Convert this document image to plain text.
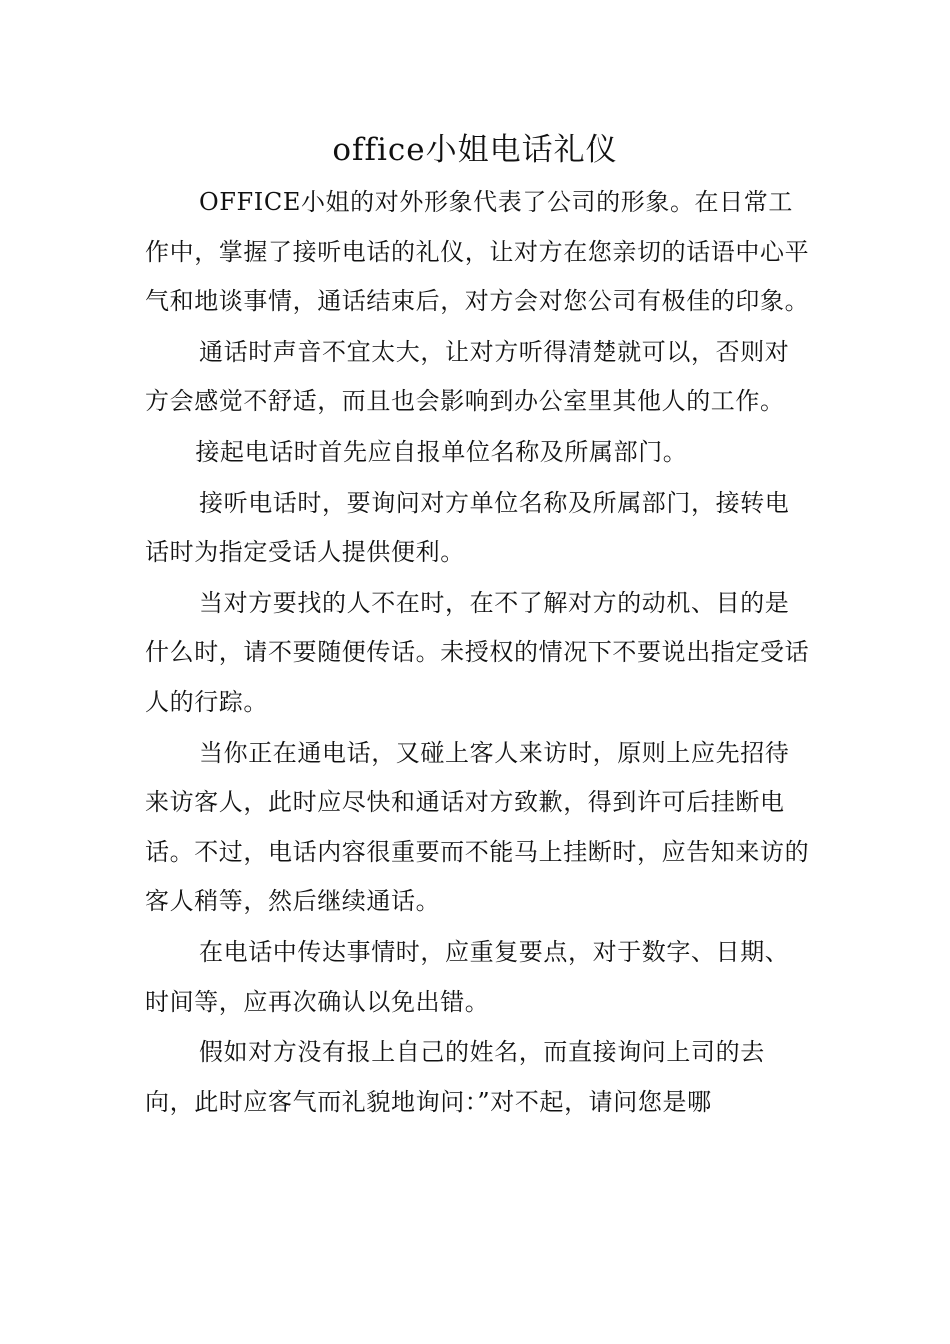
office小姐电话礼仪

OFFICE小姐的对外形象代表了公司的形象。在日常工作中，掌握了接听电话的礼仪，让对方在您亲切的话语中心平气和地谈事情，通话结束后，对方会对您公司有极佳的印象。

通话时声音不宜太大，让对方听得清楚就可以，否则对方会感觉不舒适，而且也会影响到办公室里其他人的工作。

接起电话时首先应自报单位名称及所属部门。

接听电话时，要询问对方单位名称及所属部门，接转电话时为指定受话人提供便利。

当对方要找的人不在时，在不了解对方的动机、目的是什么时，请不要随便传话。未授权的情况下不要说出指定受话人的行踪。

当你正在通电话，又碰上客人来访时，原则上应先招待来访客人，此时应尽快和通话对方致歉，得到许可后挂断电话。不过，电话内容很重要而不能马上挂断时，应告知来访的客人稍等，然后继续通话。

在电话中传达事情时，应重复要点，对于数字、日期、时间等，应再次确认以免出错。

假如对方没有报上自己的姓名，而直接询问上司的去向，此时应客气而礼貌地询问：”对不起，请问您是哪
